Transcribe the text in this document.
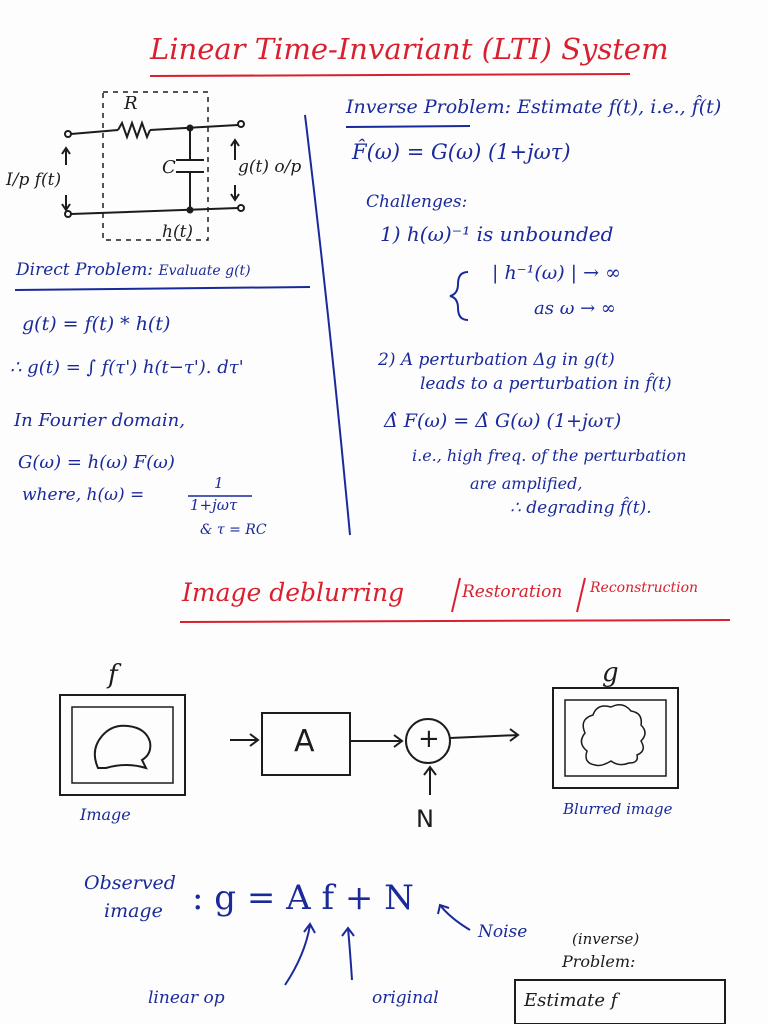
Linear Time-Invariant (LTI) System
R
C
I/p f(t)
g(t) o/p
h(t)
Direct Problem: Evaluate g(t)
g(t) = f(t) * h(t)
∴ g(t) = ∫ f(τ') h(t−τ'). dτ'
In Fourier domain,
G(ω) = h(ω) F(ω)
where, h(ω) =
1
1+jωτ
& τ = RC
Inverse Problem: Estimate f(t), i.e., f̂(t)
F̂(ω) = G(ω) (1+jωτ)
Challenges:
1) h(ω)⁻¹ is unbounded
| h⁻¹(ω) | → ∞
as ω → ∞
2) A perturbation Δg in g(t)
leads to a perturbation in f̂(t)
Δ̂ F(ω) = Δ̂ G(ω) (1+jωτ)
i.e., high freq. of the perturbation
are amplified,
∴ degrading f̂(t).
Image deblurring	Restoration Reconstruction
f	g
A	+
N
Image	Blurred image
Observed
image : g = A f + N
Noise
linear op	original
(inverse)
Problem:
Estimate f
